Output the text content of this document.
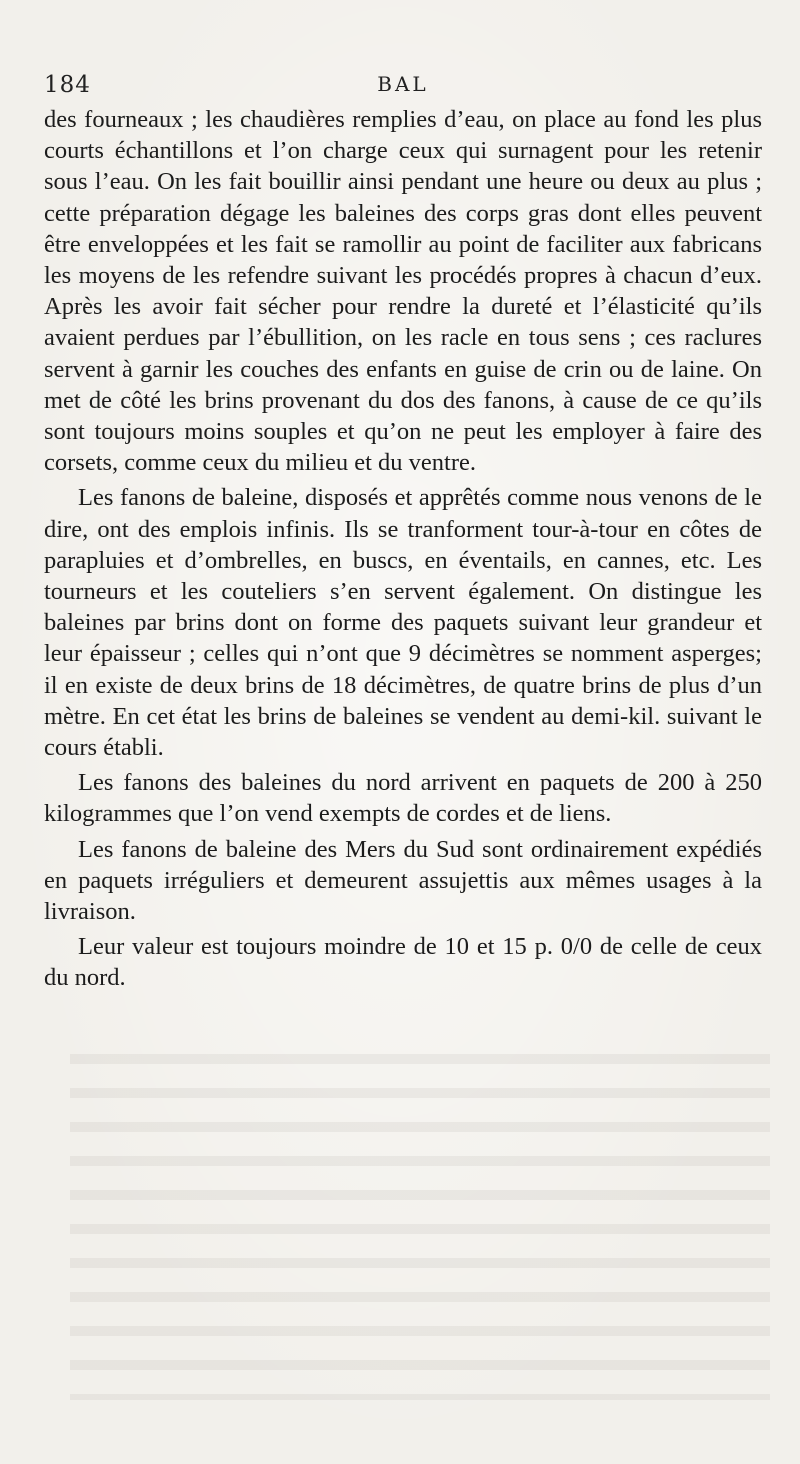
184	BAL

des fourneaux ; les chaudières remplies d’eau, on place au fond les plus courts échantillons et l’on charge ceux qui surnagent pour les retenir sous l’eau. On les fait bouillir ainsi pendant une heure ou deux au plus ; cette préparation dégage les baleines des corps gras dont elles peuvent être enveloppées et les fait se ramollir au point de faciliter aux fabricans les moyens de les refendre suivant les procédés propres à chacun d’eux. Après les avoir fait sécher pour rendre la dureté et l’élasticité qu’ils avaient perdues par l’ébullition, on les racle en tous sens ; ces raclures servent à garnir les couches des enfants en guise de crin ou de laine. On met de côté les brins provenant du dos des fanons, à cause de ce qu’ils sont toujours moins souples et qu’on ne peut les employer à faire des corsets, comme ceux du milieu et du ventre.

Les fanons de baleine, disposés et apprêtés comme nous venons de le dire, ont des emplois infinis. Ils se tranforment tour-à-tour en côtes de parapluies et d’ombrelles, en buscs, en éventails, en cannes, etc. Les tourneurs et les couteliers s’en servent également. On distingue les baleines par brins dont on forme des paquets suivant leur grandeur et leur épaisseur ; celles qui n’ont que 9 décimètres se nomment asperges; il en existe de deux brins de 18 décimètres, de quatre brins de plus d’un mètre. En cet état les brins de baleines se vendent au demi-kil. suivant le cours établi.

Les fanons des baleines du nord arrivent en paquets de 200 à 250 kilogrammes que l’on vend exempts de cordes et de liens.

Les fanons de baleine des Mers du Sud sont ordinairement expédiés en paquets irréguliers et demeurent assujettis aux mêmes usages à la livraison.

Leur valeur est toujours moindre de 10 et 15 p. 0/0 de celle de ceux du nord.
